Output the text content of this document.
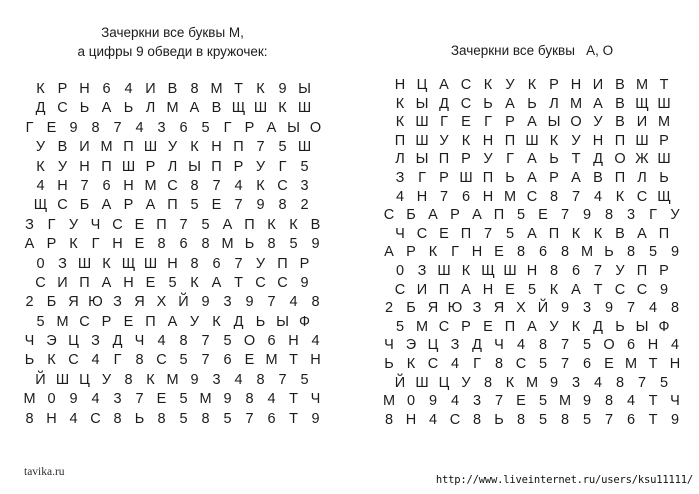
Зачеркни все буквы М,
а цифры 9 обведи в кружочек:	Зачеркни все буквы   А, О
К Р Н 6 4 И В 8 М Т К 9 Ы
Д С Ь А Ь Л М А В Щ Ш К Ш
Г Е 9 8 7 4 3 6 5 Г Р А Ы О
У В И М П Ш У К Н П 7 5 Ш
К У Н П Ш Р Л Ы П Р У Г 5
4 Н 7 6 Н М С 8 7 4 К С 3
Щ С Б А Р А П 5 Е 7 9 8 2
З Г У Ч С Е П 7 5 А П К К В
А Р К Г Н Е 8 6 8 М Ь 8 5 9
0 З Ш К Щ Ш Н 8 6 7 У П Р
С И П А Н Е 5 К А Т С С 9
2 Б Я Ю З Я Х Й 9 3 9 7 4 8
5 М С Р Е П А У К Д Ь Ы Ф
Ч Э Ц З Д Ч 4 8 7 5 О 6 Н 4
Ь К С 4 Г 8 С 5 7 6 Е М Т Н
Й Ш Ц У 8 К М 9 3 4 8 7 5
М 0 9 4 3 7 Е 5 М 9 8 4 Т Ч
8 Н 4 С 8 Ь 8 5 8 5 7 6 Т 9
Н Ц А С К У К Р Н И В М Т
К Ы Д С Ь А Ь Л М А В Щ Ш
К Ш Г Е Г Р А Ы О У В И М
П Ш У К Н П Ш К У Н П Ш Р
Л Ы П Р У Г А Ь Т Д О Ж Ш
З Г Р Ш П Ь А Р А В П Л Ь
4 Н 7 6 Н М С 8 7 4 К С Щ
С Б А Р А П 5 Е 7 9 8 3 Г У
Ч С Е П 7 5 А П К К В А П
А Р К Г Н Е 8 6 8 М Ь 8 5 9
0 З Ш К Щ Ш Н 8 6 7 У П Р
С И П А Н Е 5 К А Т С С 9
2 Б Я Ю З Я Х Й 9 3 9 7 4 8
5 М С Р Е П А У К Д Ь Ы Ф
Ч Э Ц З Д Ч 4 8 7 5 О 6 Н 4
Ь К С 4 Г 8 С 5 7 6 Е М Т Н
Й Ш Ц У 8 К М 9 3 4 8 7 5
М 0 9 4 3 7 Е 5 М 9 8 4 Т Ч
8 Н 4 С 8 Ь 8 5 8 5 7 6 Т 9
tavika.ru
http://www.liveinternet.ru/users/ksu11111/
